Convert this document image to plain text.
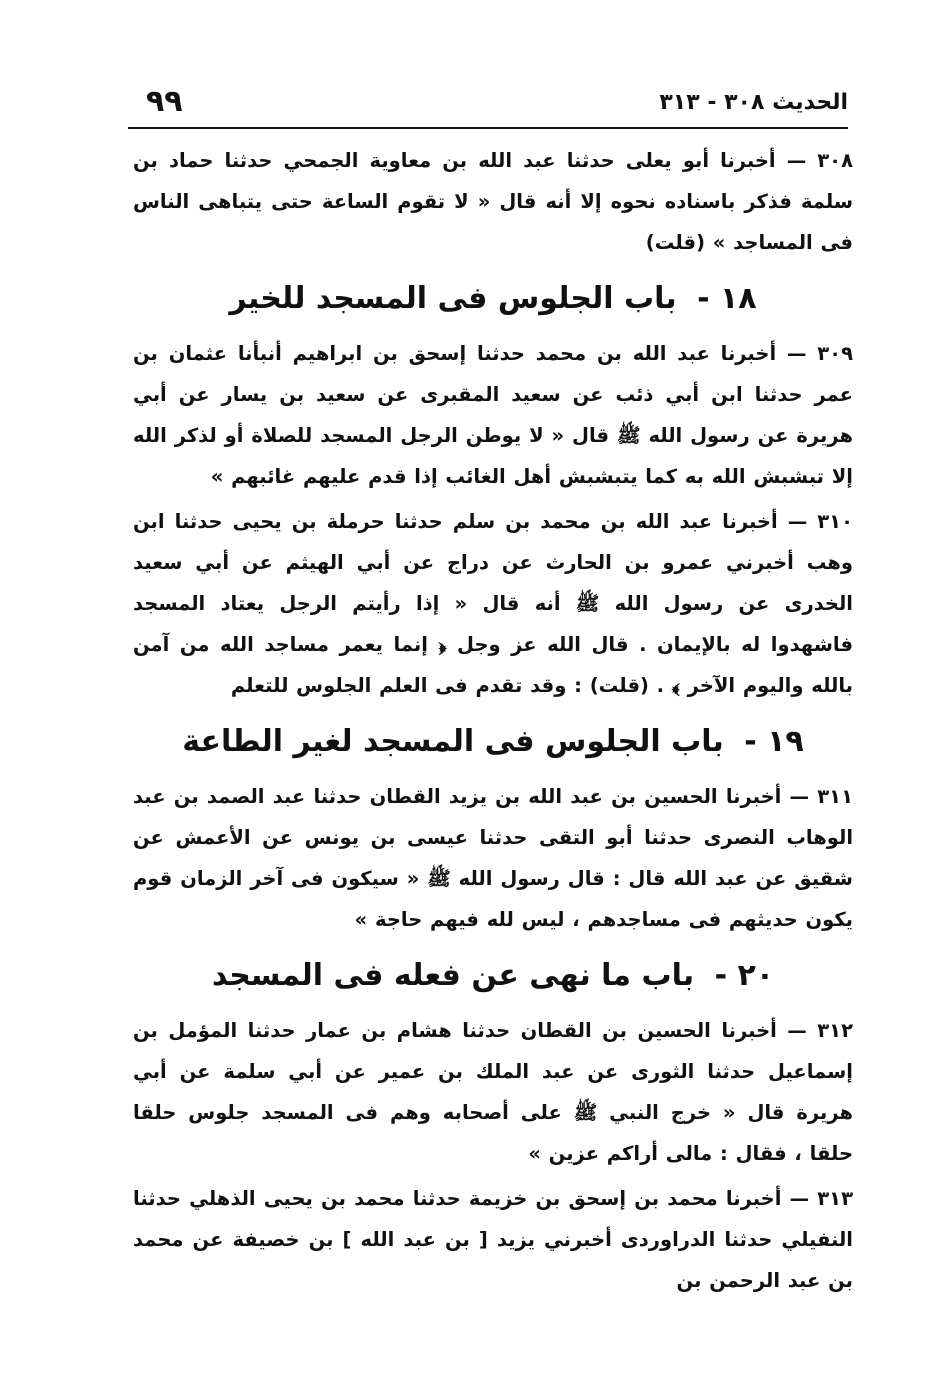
الحديث ٣٠٨ - ٣١٣
٩٩

٣٠٨ — أخبرنا أبو يعلى حدثنا عبد الله بن معاوية الجمحي حدثنا حماد بن سلمة فذكر باسناده نحوه إلا أنه قال « لا تقوم الساعة حتى يتباهى الناس فى المساجد » (قلت)

١٨ - باب الجلوس فى المسجد للخير

٣٠٩ — أخبرنا عبد الله بن محمد حدثنا إسحق بن ابراهيم أنبأنا عثمان بن عمر حدثنا ابن أبي ذئب عن سعيد المقبرى عن سعيد بن يسار عن أبي هريرة عن رسول الله ﷺ قال « لا يوطن الرجل المسجد للصلاة أو لذكر الله إلا تبشبش الله به كما يتبشبش أهل الغائب إذا قدم عليهم غائبهم »

٣١٠ — أخبرنا عبد الله بن محمد بن سلم حدثنا حرملة بن يحيى حدثنا ابن وهب أخبرني عمرو بن الحارث عن دراج عن أبي الهيثم عن أبي سعيد الخدرى عن رسول الله ﷺ أنه قال « إذا رأيتم الرجل يعتاد المسجد فاشهدوا له بالإيمان . قال الله عز وجل ﴿ إنما يعمر مساجد الله من آمن بالله واليوم الآخر ﴾ . (قلت) : وقد تقدم فى العلم الجلوس للتعلم

١٩ - باب الجلوس فى المسجد لغير الطاعة

٣١١ — أخبرنا الحسين بن عبد الله بن يزيد القطان حدثنا عبد الصمد بن عبد الوهاب النصرى حدثنا أبو التقى حدثنا عيسى بن يونس عن الأعمش عن شقيق عن عبد الله قال : قال رسول الله ﷺ « سيكون فى آخر الزمان قوم يكون حديثهم فى مساجدهم ، ليس لله فيهم حاجة »

٢٠ - باب ما نهى عن فعله فى المسجد

٣١٢ — أخبرنا الحسين بن القطان حدثنا هشام بن عمار حدثنا المؤمل بن إسماعيل حدثنا الثورى عن عبد الملك بن عمير عن أبي سلمة عن أبي هريرة قال « خرج النبي ﷺ على أصحابه وهم فى المسجد جلوس حلقا حلقا ، فقال : مالى أراكم عزين »

٣١٣ — أخبرنا محمد بن إسحق بن خزيمة حدثنا محمد بن يحيى الذهلي حدثنا النفيلي حدثنا الدراوردى أخبرني يزيد [ بن عبد الله ] بن خصيفة عن محمد بن عبد الرحمن بن
